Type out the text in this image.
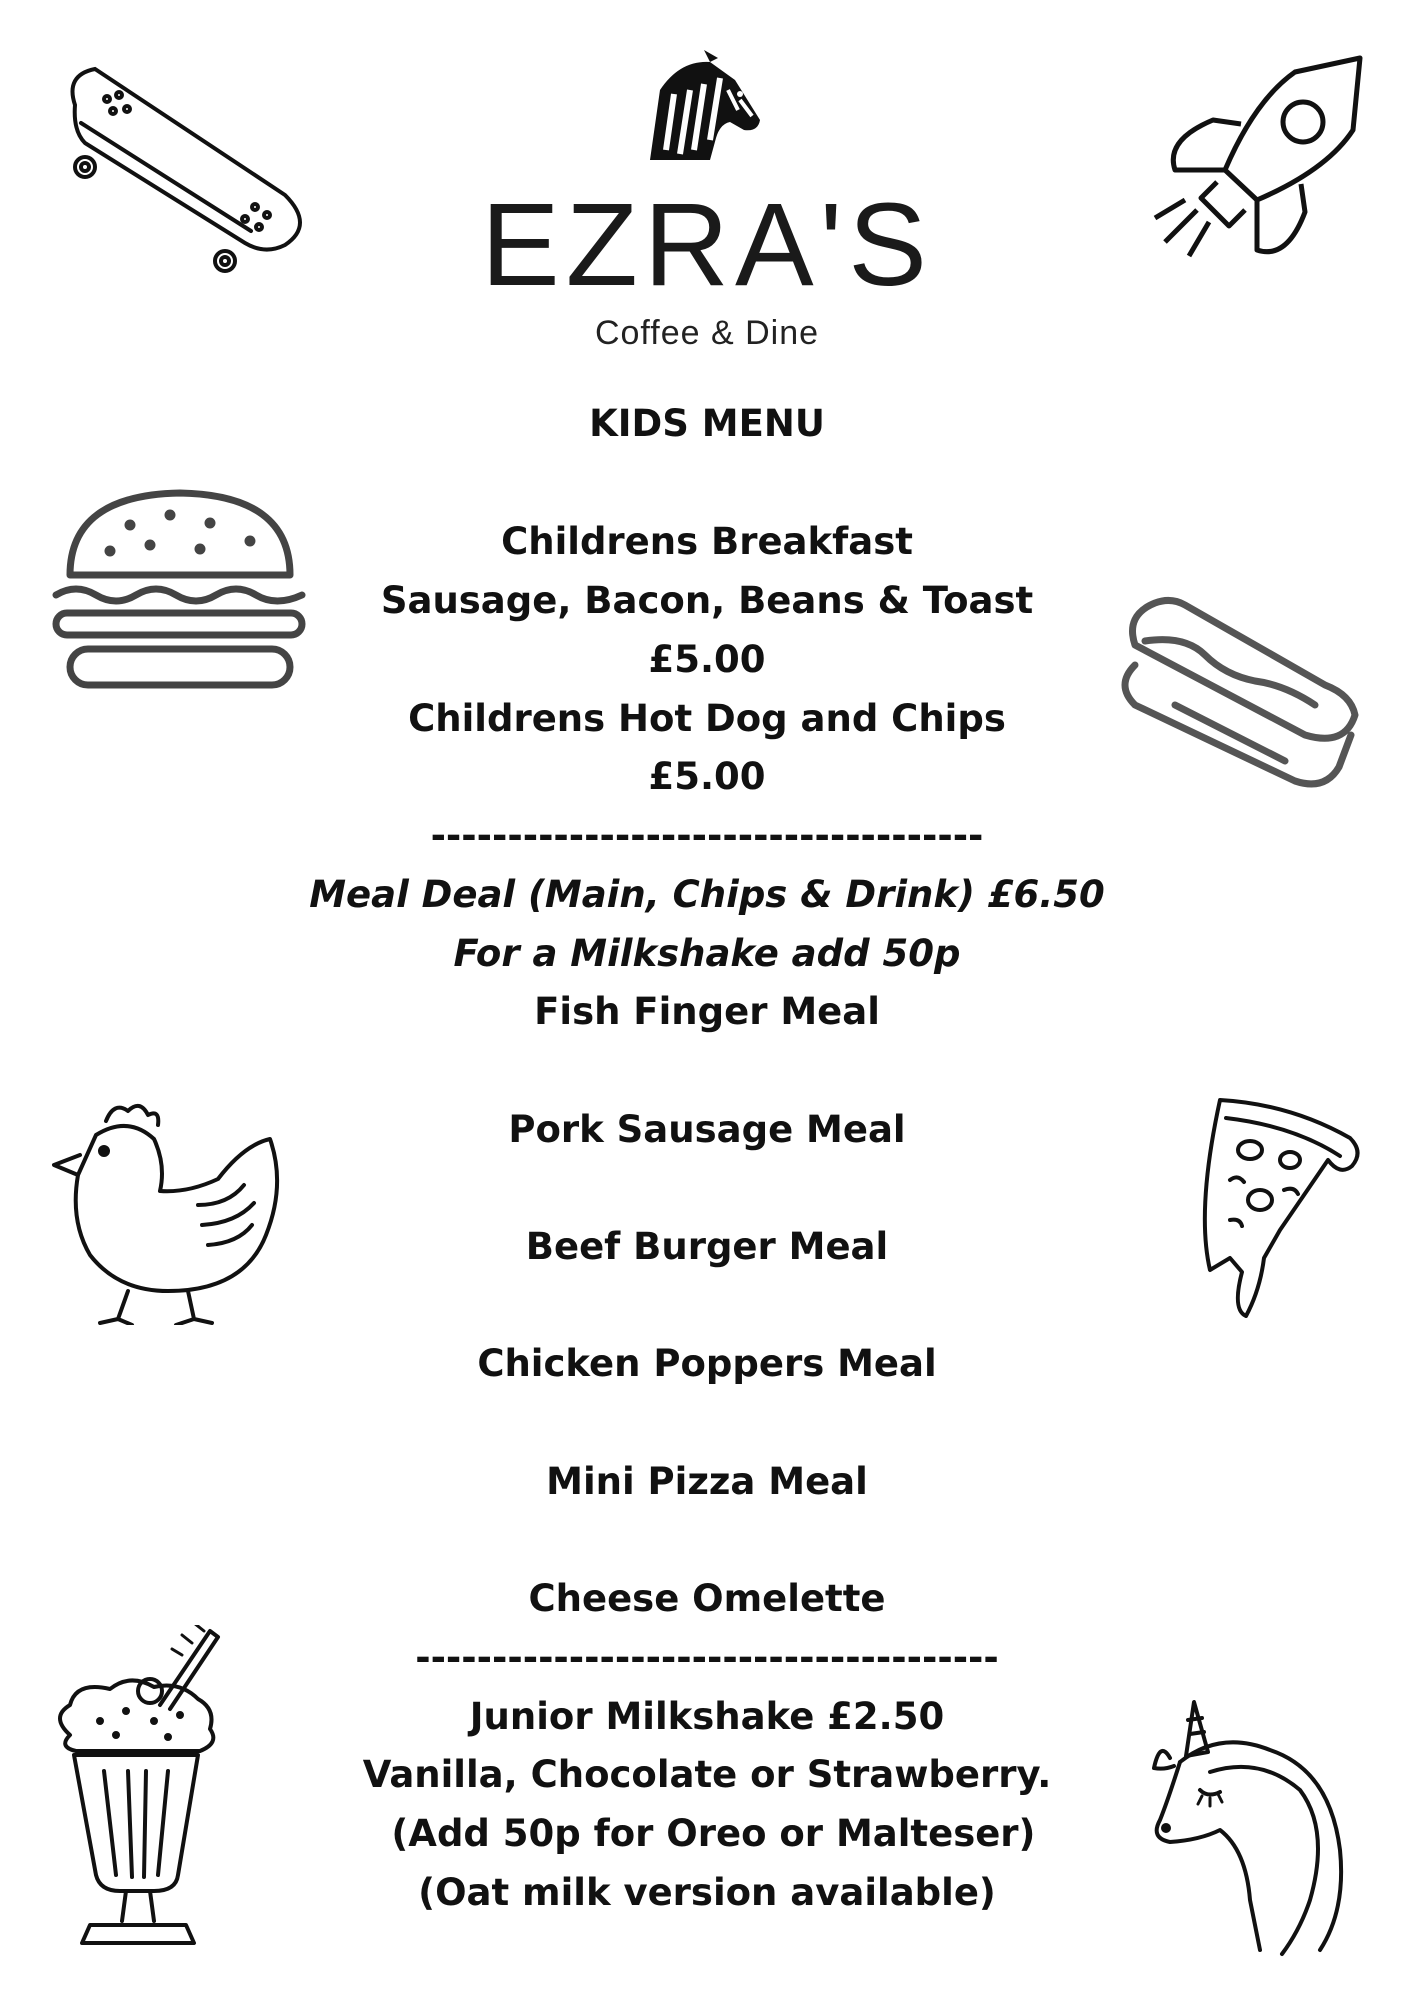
EZRA'S
Coffee & Dine
KIDS MENU
Childrens Breakfast
Sausage, Bacon, Beans & Toast
£5.00
Childrens Hot Dog and Chips
£5.00
------------------------------------
Meal Deal (Main, Chips & Drink) £6.50
For a Milkshake add 50p
Fish Finger Meal
Pork Sausage Meal
Beef Burger Meal
Chicken Poppers Meal
Mini Pizza Meal
Cheese Omelette
--------------------------------------
Junior Milkshake £2.50
Vanilla, Chocolate or Strawberry.
(Add 50p for Oreo or Malteser)
(Oat milk version available)
